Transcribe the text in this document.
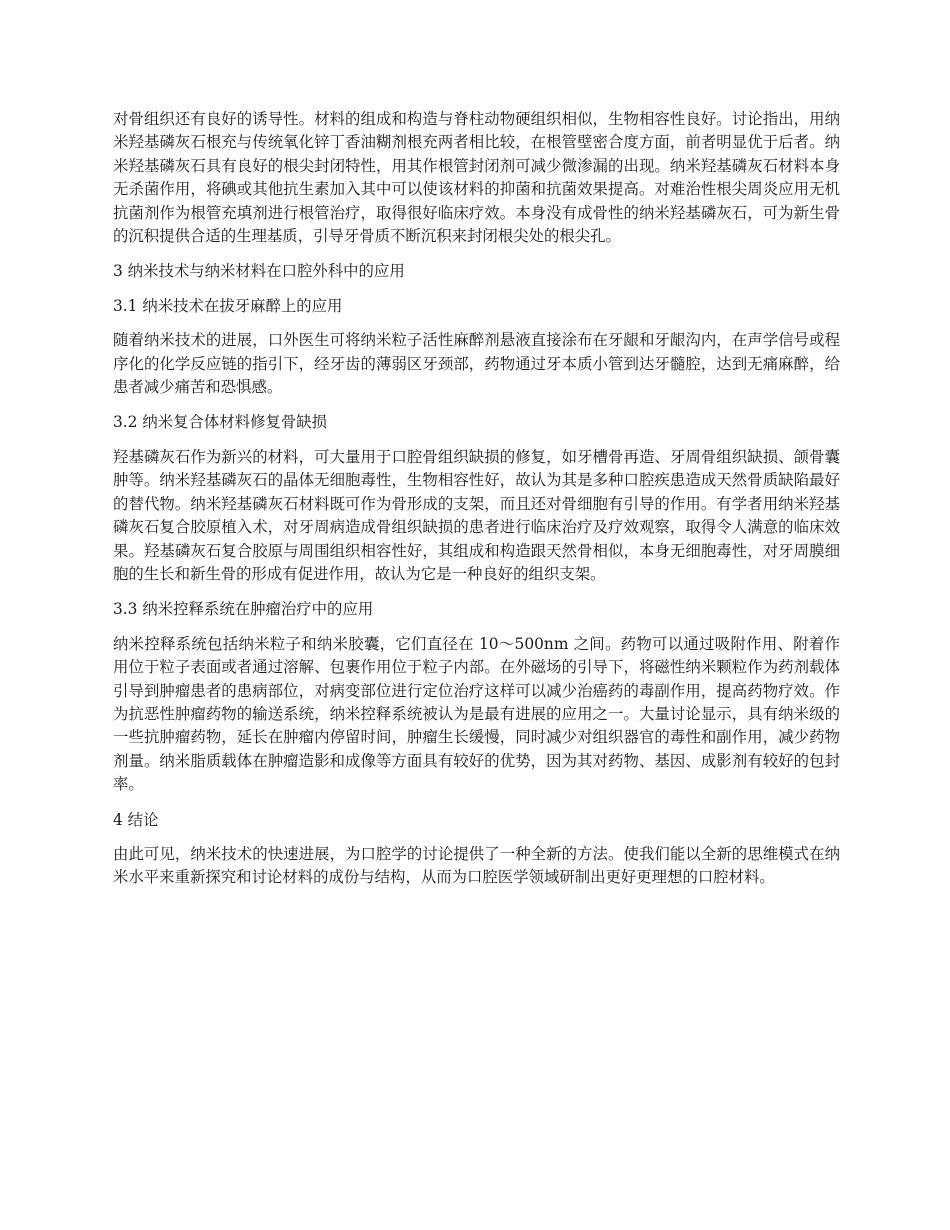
对骨组织还有良好的诱导性。材料的组成和构造与脊柱动物硬组织相似，生物相容性良好。讨论指出，用纳米羟基磷灰石根充与传统氧化锌丁香油糊剂根充两者相比较，在根管壁密合度方面，前者明显优于后者。纳米羟基磷灰石具有良好的根尖封闭特性，用其作根管封闭剂可减少微渗漏的出现。纳米羟基磷灰石材料本身无杀菌作用，将碘或其他抗生素加入其中可以使该材料的抑菌和抗菌效果提高。对难治性根尖周炎应用无机抗菌剂作为根管充填剂进行根管治疗，取得很好临床疗效。本身没有成骨性的纳米羟基磷灰石，可为新生骨的沉积提供合适的生理基质，引导牙骨质不断沉积来封闭根尖处的根尖孔。

3 纳米技术与纳米材料在口腔外科中的应用
3.1 纳米技术在拔牙麻醉上的应用

随着纳米技术的进展，口外医生可将纳米粒子活性麻醉剂悬液直接涂布在牙龈和牙龈沟内，在声学信号或程序化的化学反应链的指引下，经牙齿的薄弱区牙颈部，药物通过牙本质小管到达牙髓腔，达到无痛麻醉，给患者减少痛苦和恐惧感。

3.2 纳米复合体材料修复骨缺损

羟基磷灰石作为新兴的材料，可大量用于口腔骨组织缺损的修复，如牙槽骨再造、牙周骨组织缺损、颌骨囊肿等。纳米羟基磷灰石的晶体无细胞毒性，生物相容性好，故认为其是多种口腔疾患造成天然骨质缺陷最好的替代物。纳米羟基磷灰石材料既可作为骨形成的支架，而且还对骨细胞有引导的作用。有学者用纳米羟基磷灰石复合胶原植入术，对牙周病造成骨组织缺损的患者进行临床治疗及疗效观察，取得令人满意的临床效果。羟基磷灰石复合胶原与周围组织相容性好，其组成和构造跟天然骨相似，本身无细胞毒性，对牙周膜细胞的生长和新生骨的形成有促进作用，故认为它是一种良好的组织支架。

3.3 纳米控释系统在肿瘤治疗中的应用

纳米控释系统包括纳米粒子和纳米胶囊，它们直径在 10～500nm 之间。药物可以通过吸附作用、附着作用位于粒子表面或者通过溶解、包裹作用位于粒子内部。在外磁场的引导下，将磁性纳米颗粒作为药剂载体引导到肿瘤患者的患病部位，对病变部位进行定位治疗这样可以减少治癌药的毒副作用，提高药物疗效。作为抗恶性肿瘤药物的输送系统，纳米控释系统被认为是最有进展的应用之一。大量讨论显示，具有纳米级的一些抗肿瘤药物，延长在肿瘤内停留时间，肿瘤生长缓慢，同时减少对组织器官的毒性和副作用，减少药物剂量。纳米脂质载体在肿瘤造影和成像等方面具有较好的优势，因为其对药物、基因、成影剂有较好的包封率。

4 结论

由此可见，纳米技术的快速进展，为口腔学的讨论提供了一种全新的方法。使我们能以全新的思维模式在纳米水平来重新探究和讨论材料的成份与结构，从而为口腔医学领域研制出更好更理想的口腔材料。
